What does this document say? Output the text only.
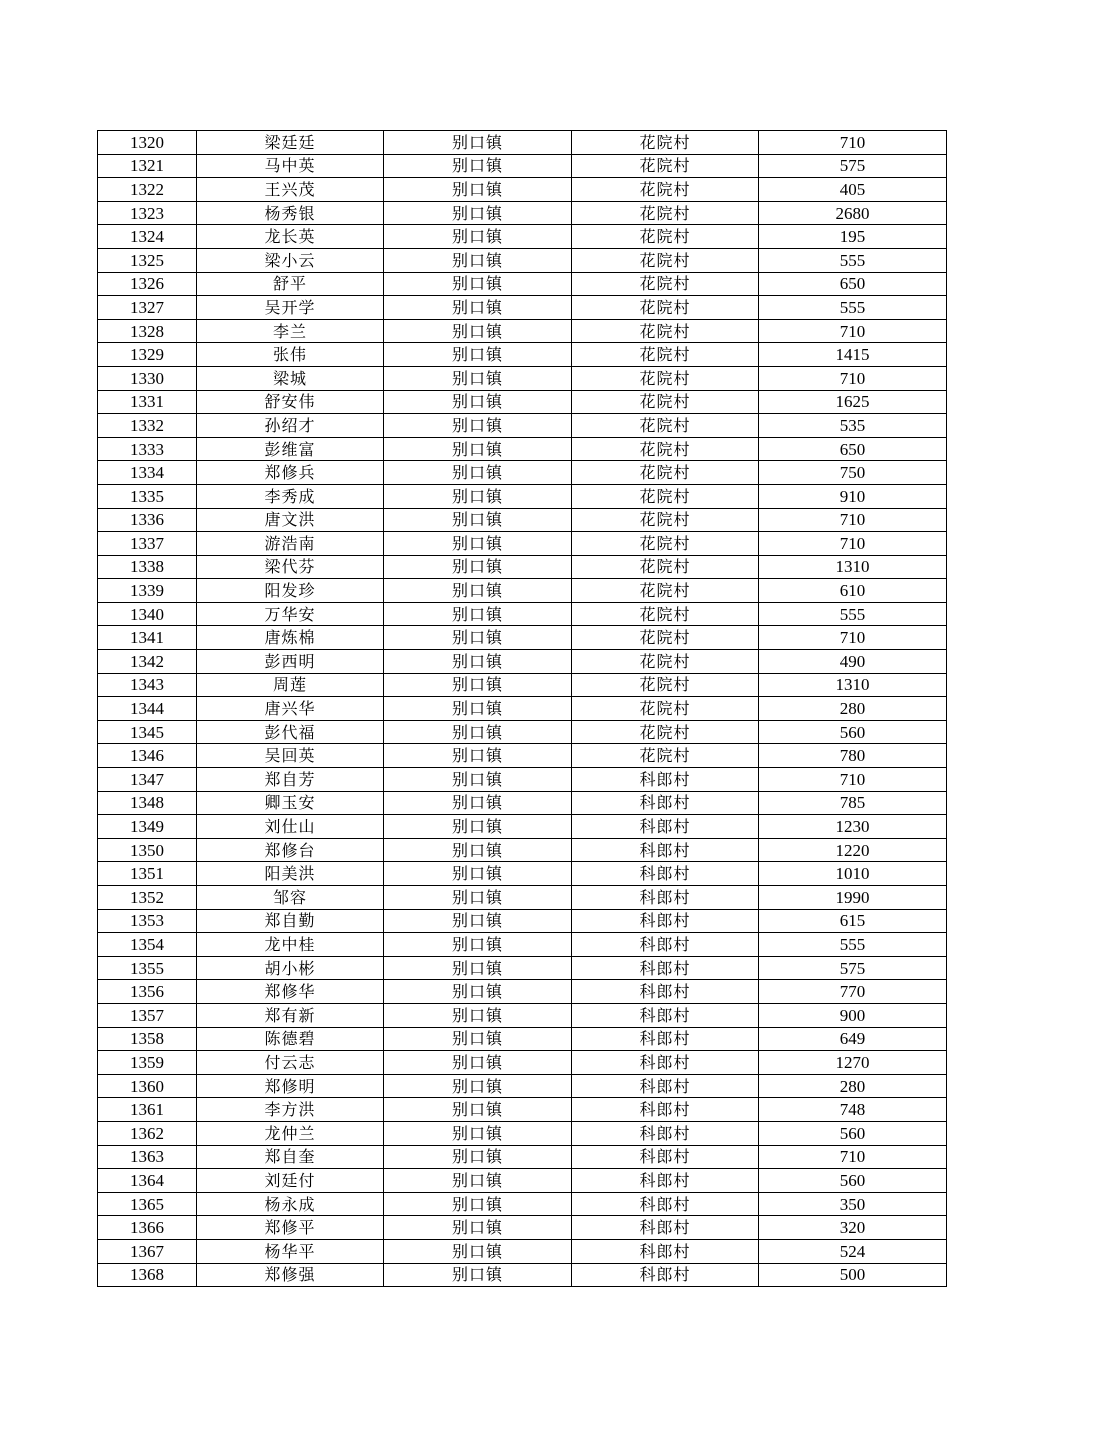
1320	梁廷廷	别口镇	花院村	710
1321	马中英	别口镇	花院村	575
1322	王兴茂	别口镇	花院村	405
1323	杨秀银	别口镇	花院村	2680
1324	龙长英	别口镇	花院村	195
1325	梁小云	别口镇	花院村	555
1326	舒平	别口镇	花院村	650
1327	吴开学	别口镇	花院村	555
1328	李兰	别口镇	花院村	710
1329	张伟	别口镇	花院村	1415
1330	梁城	别口镇	花院村	710
1331	舒安伟	别口镇	花院村	1625
1332	孙绍才	别口镇	花院村	535
1333	彭维富	别口镇	花院村	650
1334	郑修兵	别口镇	花院村	750
1335	李秀成	别口镇	花院村	910
1336	唐文洪	别口镇	花院村	710
1337	游浩南	别口镇	花院村	710
1338	梁代芬	别口镇	花院村	1310
1339	阳发珍	别口镇	花院村	610
1340	万华安	别口镇	花院村	555
1341	唐炼棉	别口镇	花院村	710
1342	彭西明	别口镇	花院村	490
1343	周莲	别口镇	花院村	1310
1344	唐兴华	别口镇	花院村	280
1345	彭代福	别口镇	花院村	560
1346	吴回英	别口镇	花院村	780
1347	郑自芳	别口镇	科郎村	710
1348	卿玉安	别口镇	科郎村	785
1349	刘仕山	别口镇	科郎村	1230
1350	郑修台	别口镇	科郎村	1220
1351	阳美洪	别口镇	科郎村	1010
1352	邹容	别口镇	科郎村	1990
1353	郑自勤	别口镇	科郎村	615
1354	龙中桂	别口镇	科郎村	555
1355	胡小彬	别口镇	科郎村	575
1356	郑修华	别口镇	科郎村	770
1357	郑有新	别口镇	科郎村	900
1358	陈德碧	别口镇	科郎村	649
1359	付云志	别口镇	科郎村	1270
1360	郑修明	别口镇	科郎村	280
1361	李方洪	别口镇	科郎村	748
1362	龙仲兰	别口镇	科郎村	560
1363	郑自奎	别口镇	科郎村	710
1364	刘廷付	别口镇	科郎村	560
1365	杨永成	别口镇	科郎村	350
1366	郑修平	别口镇	科郎村	320
1367	杨华平	别口镇	科郎村	524
1368	郑修强	别口镇	科郎村	500
